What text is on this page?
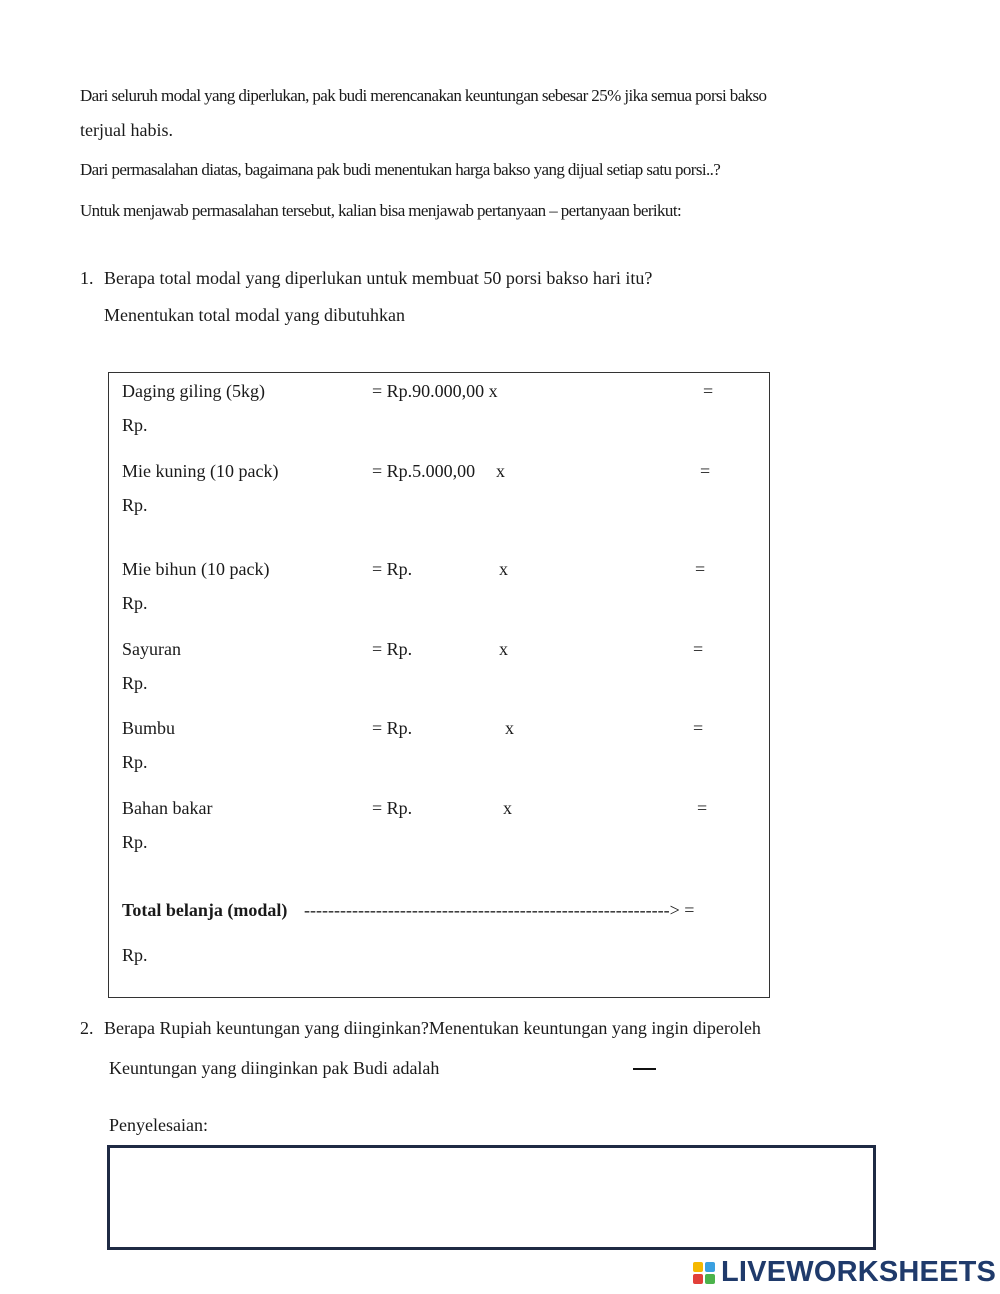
Dari seluruh modal yang diperlukan, pak budi merencanakan keuntungan sebesar 25% jika semua porsi bakso
terjual habis.
Dari permasalahan diatas, bagaimana pak budi menentukan harga bakso yang dijual setiap satu porsi..?
Untuk menjawab permasalahan tersebut, kalian bisa menjawab pertanyaan – pertanyaan berikut:
1. Berapa total modal yang diperlukan untuk membuat 50 porsi bakso hari itu?
Menentukan total modal yang dibutuhkan
Daging giling (5kg)	= Rp.90.000,00 x	=
Rp.
Mie kuning (10 pack)	= Rp.5.000,00 x	=
Rp.
Mie bihun (10 pack)	= Rp.	x	=
Rp.
Sayuran	= Rp.	x	=
Rp.
Bumbu	= Rp.	x	=
Rp.
Bahan bakar	= Rp.	x	=
Rp.
Total belanja (modal) -------------------------------------------------------------> =
Rp.
2. Berapa Rupiah keuntungan yang diinginkan?Menentukan keuntungan yang ingin diperoleh
Keuntungan yang diinginkan pak Budi adalah
Penyelesaian:
LIVEWORKSHEETS
